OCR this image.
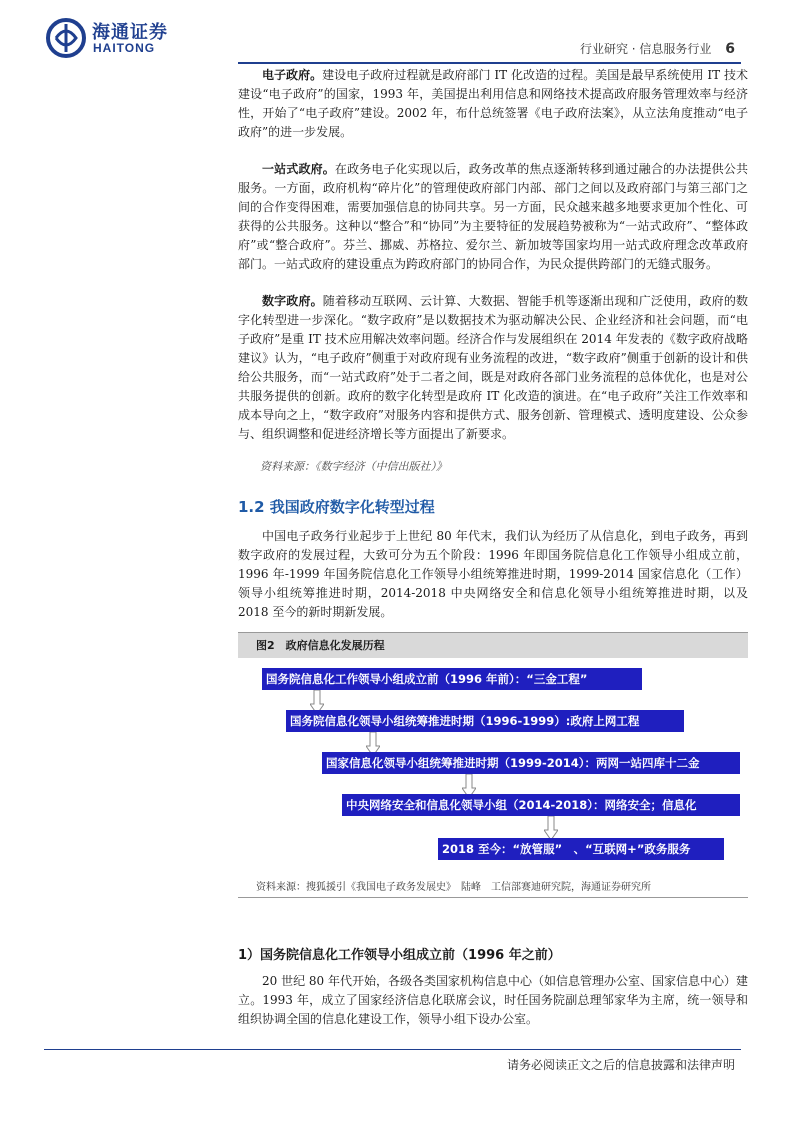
海通证券
HAITONG	行业研究 · 信息服务行业 6

电子政府。建设电子政府过程就是政府部门 IT 化改造的过程。美国是最早系统使用 IT 技术建设“电子政府”的国家，1993 年，美国提出利用信息和网络技术提高政府服务管理效率与经济性，开始了“电子政府”建设。2002 年，布什总统签署《电子政府法案》，从立法角度推动“电子政府”的进一步发展。

一站式政府。在政务电子化实现以后，政务改革的焦点逐渐转移到通过融合的办法提供公共服务。一方面，政府机构“碎片化”的管理使政府部门内部、部门之间以及政府部门与第三部门之间的合作变得困难，需要加强信息的协同共享。另一方面，民众越来越多地要求更加个性化、可获得的公共服务。这种以“整合”和“协同”为主要特征的发展趋势被称为“一站式政府”、“整体政府”或“整合政府”。芬兰、挪威、苏格拉、爱尔兰、新加坡等国家均用一站式政府理念改革政府部门。一站式政府的建设重点为跨政府部门的协同合作，为民众提供跨部门的无缝式服务。

数字政府。随着移动互联网、云计算、大数据、智能手机等逐渐出现和广泛使用，政府的数字化转型进一步深化。“数字政府”是以数据技术为驱动解决公民、企业经济和社会问题，而“电子政府”是重 IT 技术应用解决效率问题。经济合作与发展组织在 2014 年发表的《数字政府战略建议》认为，“电子政府”侧重于对政府现有业务流程的改进，“数字政府”侧重于创新的设计和供给公共服务，而“一站式政府”处于二者之间，既是对政府各部门业务流程的总体优化，也是对公共服务提供的创新。政府的数字化转型是政府 IT 化改造的演进。在“电子政府”关注工作效率和成本导向之上，“数字政府”对服务内容和提供方式、服务创新、管理模式、透明度建设、公众参与、组织调整和促进经济增长等方面提出了新要求。

资料来源：《数字经济（中信出版社）》
1.2 我国政府数字化转型过程

中国电子政务行业起步于上世纪 80 年代末，我们认为经历了从信息化，到电子政务，再到数字政府的发展过程，大致可分为五个阶段：1996 年即国务院信息化工作领导小组成立前，1996 年-1999 年国务院信息化工作领导小组统筹推进时期，1999-2014 国家信息化（工作）领导小组统筹推进时期，2014-2018 中央网络安全和信息化领导小组统筹推进时期，以及 2018 至今的新时期新发展。

图2　政府信息化发展历程
国务院信息化工作领导小组成立前（1996 年前）：“三金工程”
国务院信息化领导小组统筹推进时期（1996-1999）:政府上网工程
国家信息化领导小组统筹推进时期（1999-2014）：两网一站四库十二金
中央网络安全和信息化领导小组（2014-2018）：网络安全；信息化
2018 至今：“放管服”　、“互联网+”政务服务
资料来源：搜狐援引《我国电子政务发展史》　陆峰　工信部赛迪研究院，海通证券研究所
1）国务院信息化工作领导小组成立前（1996 年之前）

20 世纪 80 年代开始，各级各类国家机构信息中心（如信息管理办公室、国家信息中心）建立。1993 年，成立了国家经济信息化联席会议，时任国务院副总理邹家华为主席，统一领导和组织协调全国的信息化建设工作，领导小组下设办公室。

请务必阅读正文之后的信息披露和法律声明
